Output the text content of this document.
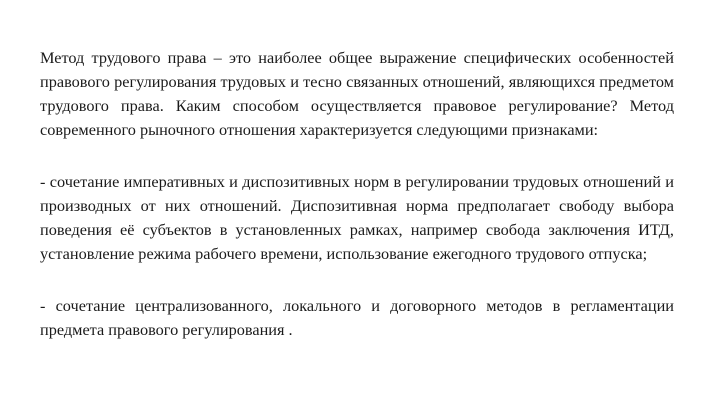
Метод трудового права – это наиболее общее выражение специфических особенностей правового регулирования трудовых и тесно связанных отношений, являющихся предметом трудового права. Каким способом осуществляется правовое регулирование? Метод современного рыночного отношения характеризуется следующими признаками:

- сочетание императивных и диспозитивных норм в регулировании трудовых отношений и производных от них отношений. Диспозитивная норма предполагает свободу выбора поведения её субъектов в установленных рамках, например свобода заключения ИТД, установление режима рабочего времени, использование ежегодного трудового отпуска;

- сочетание централизованного, локального и договорного методов в регламентации предмета правового регулирования .
